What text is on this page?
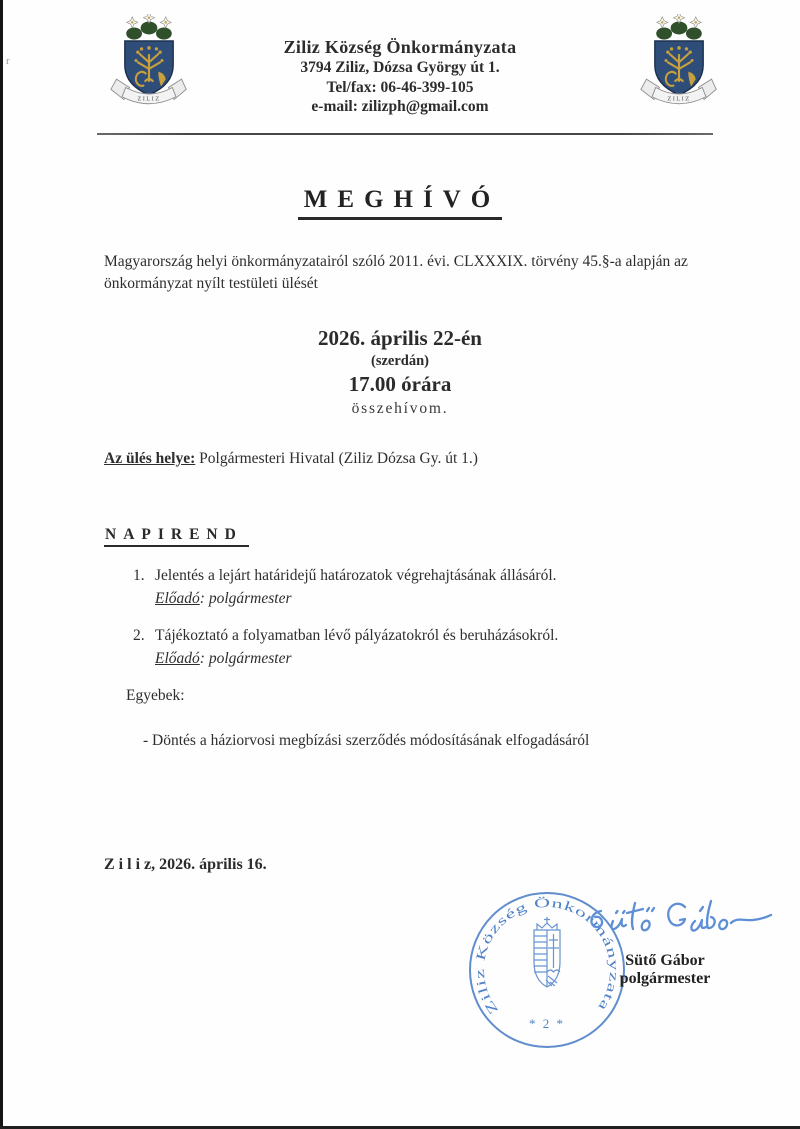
r
Ziliz Község Önkormányzata
3794 Ziliz, Dózsa György út 1.
Tel/fax: 06-46-399-105
e-mail: zilizph@gmail.com
MEGHÍVÓ
Magyarország helyi önkormányzatairól szóló 2011. évi. CLXXXIX. törvény 45.§-a alapján az önkormányzat nyílt testületi ülését
2026. április 22-én
(szerdán)
17.00 órára
összehívom.
Az ülés helye: Polgármesteri Hivatal (Ziliz Dózsa Gy. út 1.)
NAPIREND
1. Jelentés a lejárt határidejű határozatok végrehajtásának állásáról.
Előadó: polgármester
2. Tájékoztató a folyamatban lévő pályázatokról és beruházásokról.
Előadó: polgármester
Egyebek:
- Döntés a háziorvosi megbízási szerződés módosításának elfogadásáról
Z i l i z, 2026. április 16.
Ziliz Község Önkormányzata
* 2 *
Sütő Gábor
polgármester
